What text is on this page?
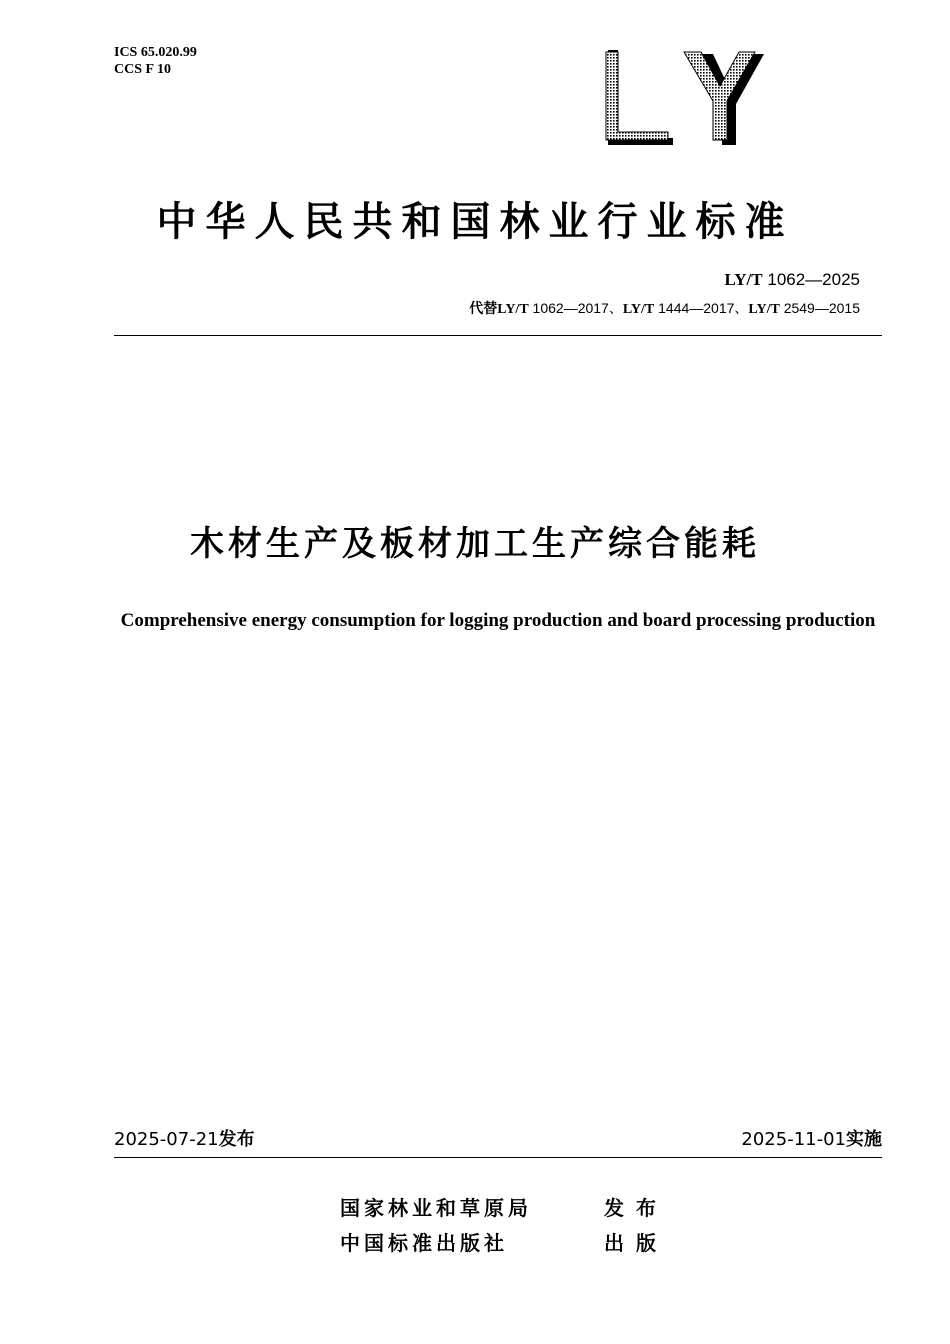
ICS 65.020.99
CCS F 10
中华人民共和国林业行业标准
LY/T 1062—2025
代替LY/T 1062—2017、LY/T 1444—2017、LY/T 2549—2015
木材生产及板材加工生产综合能耗
Comprehensive energy consumption for logging production and board processing production
2025-07-21发布	2025-11-01实施
国家林业和草原局	发布
中国标准出版社	出版
